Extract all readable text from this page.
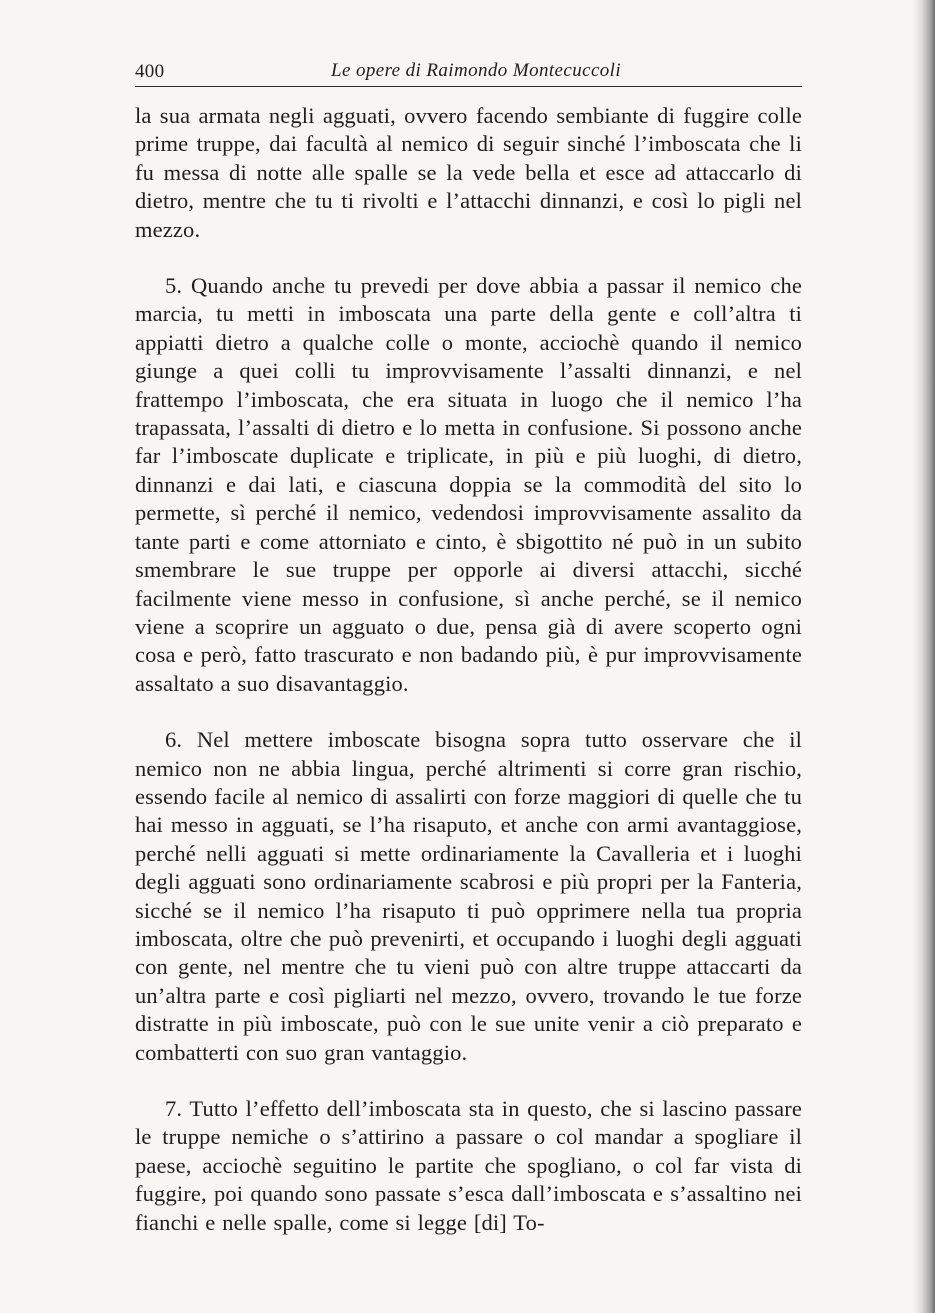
400	Le opere di Raimondo Montecuccoli

la sua armata negli agguati, ovvero facendo sembiante di fuggire colle prime truppe, dai facultà al nemico di seguir sinché l’imboscata che li fu messa di notte alle spalle se la vede bella et esce ad attaccarlo di dietro, mentre che tu ti rivolti e l’attacchi dinnanzi, e così lo pigli nel mezzo.

5. Quando anche tu prevedi per dove abbia a passar il nemico che marcia, tu metti in imboscata una parte della gente e coll’altra ti appiatti dietro a qualche colle o monte, acciochè quando il nemico giunge a quei colli tu improvvisamente l’assalti dinnanzi, e nel frattempo l’imboscata, che era situata in luogo che il nemico l’ha trapassata, l’assalti di dietro e lo metta in confusione. Si possono anche far l’imboscate duplicate e triplicate, in più e più luoghi, di dietro, dinnanzi e dai lati, e ciascuna doppia se la commodità del sito lo permette, sì perché il nemico, vedendosi improvvisamente assalito da tante parti e come attorniato e cinto, è sbigottito né può in un subito smembrare le sue truppe per opporle ai diversi attacchi, sicché facilmente viene messo in confusione, sì anche perché, se il nemico viene a scoprire un agguato o due, pensa già di avere scoperto ogni cosa e però, fatto trascurato e non badando più, è pur improvvisamente assaltato a suo disavantaggio.

6. Nel mettere imboscate bisogna sopra tutto osservare che il nemico non ne abbia lingua, perché altrimenti si corre gran rischio, essendo facile al nemico di assalirti con forze maggiori di quelle che tu hai messo in agguati, se l’ha risaputo, et anche con armi avantaggiose, perché nelli agguati si mette ordinariamente la Cavalleria et i luoghi degli agguati sono ordinariamente scabrosi e più propri per la Fanteria, sicché se il nemico l’ha risaputo ti può opprimere nella tua propria imboscata, oltre che può prevenirti, et occupando i luoghi degli agguati con gente, nel mentre che tu vieni può con altre truppe attaccarti da un’altra parte e così pigliarti nel mezzo, ovvero, trovando le tue forze distratte in più imboscate, può con le sue unite venir a ciò preparato e combatterti con suo gran vantaggio.

7. Tutto l’effetto dell’imboscata sta in questo, che si lascino passare le truppe nemiche o s’attirino a passare o col mandar a spogliare il paese, acciochè seguitino le partite che spogliano, o col far vista di fuggire, poi quando sono passate s’esca dall’imboscata e s’assaltino nei fianchi e nelle spalle, come si legge [di] To-
